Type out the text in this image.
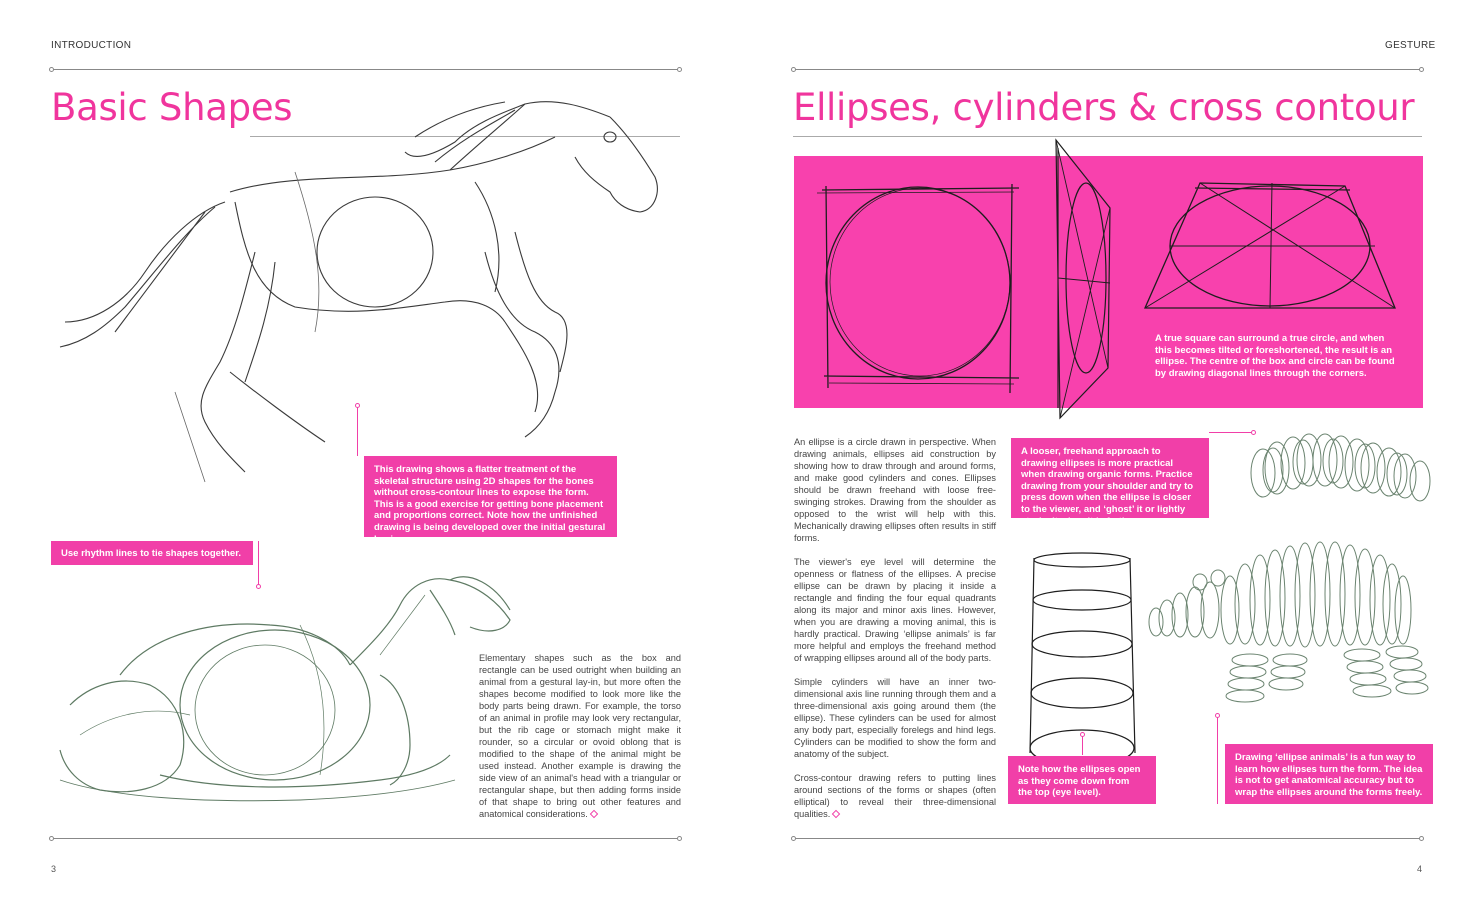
INTRODUCTION
Basic Shapes
This drawing shows a flatter treatment of the skeletal structure using 2D shapes for the bones without cross-contour lines to expose the form. This is a good exercise for getting bone placement and proportions correct. Note how the unfinished drawing is being developed over the initial gestural lay-in.
Use rhythm lines to tie shapes together.
Elementary shapes such as the box and rectangle can be used outright when building an animal from a gestural lay-in, but more often the shapes become modified to look more like the body parts being drawn. For example, the torso of an animal in profile may look very rectangular, but the rib cage or stomach might make it rounder, so a circular or ovoid oblong that is modified to the shape of the animal might be used instead. Another example is drawing the side view of an animal's head with a triangular or rectangular shape, but then adding forms inside of that shape to bring out other features and anatomical considerations.
3
GESTURE
Ellipses, cylinders & cross contour
A true square can surround a true circle, and when this becomes tilted or foreshortened, the result is an ellipse. The centre of the box and circle can be found by drawing diagonal lines through the corners.

An ellipse is a circle drawn in perspective. When drawing animals, ellipses aid construction by showing how to draw through and around forms, and make good cylinders and cones. Ellipses should be drawn freehand with loose free-swinging strokes. Drawing from the shoulder as opposed to the wrist will help with this. Mechanically drawing ellipses often results in stiff forms.

The viewer's eye level will determine the openness or flatness of the ellipses. A precise ellipse can be drawn by placing it inside a rectangle and finding the four equal quadrants along its major and minor axis lines. However, when you are drawing a moving animal, this is hardly practical. Drawing ‘ellipse animals’ is far more helpful and employs the freehand method of wrapping ellipses around all of the body parts.

Simple cylinders will have an inner two-dimensional axis line running through them and a three-dimensional axis going around them (the ellipse). These cylinders can be used for almost any body part, especially forelegs and hind legs. Cylinders can be modified to show the form and anatomy of the subject.

Cross-contour drawing refers to putting lines around sections of the forms or shapes (often elliptical) to reveal their three-dimensional qualities.

A looser, freehand approach to drawing ellipses is more practical when drawing organic forms. Practice drawing from your shoulder and try to press down when the ellipse is closer to the viewer, and ‘ghost’ it or lightly stroke it when it is farther away.
Note how the ellipses open as they come down from the top (eye level).
Drawing ‘ellipse animals’ is a fun way to learn how ellipses turn the form. The idea is not to get anatomical accuracy but to wrap the ellipses around the forms freely.
4
